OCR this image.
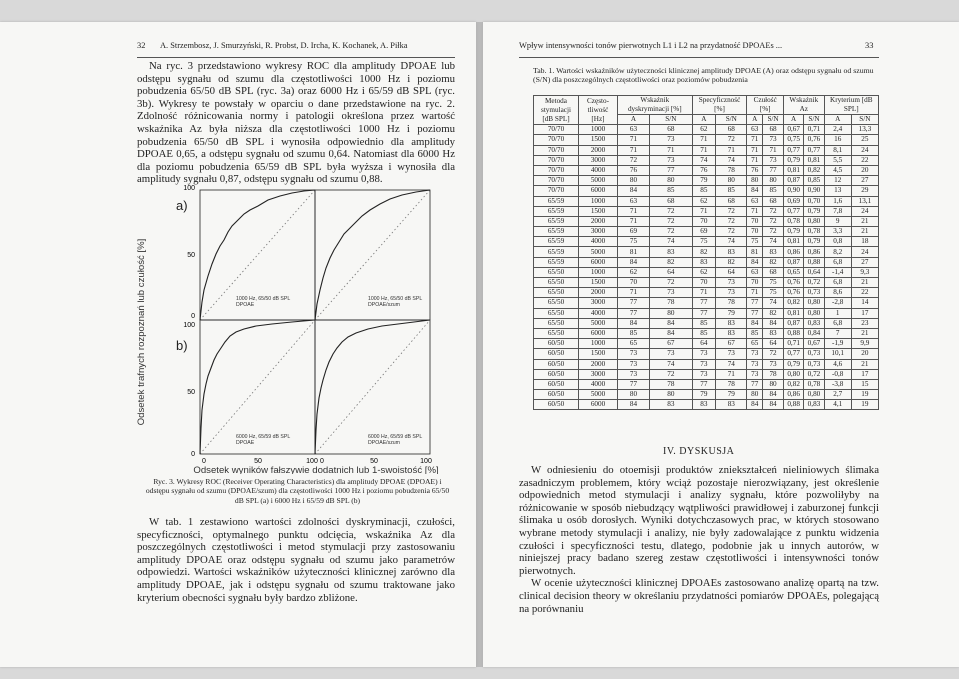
32 A. Strzembosz, J. Smurzyński, R. Probst, D. Ircha, K. Kochanek, A. Piłka

Na ryc. 3 przedstawiono wykresy ROC dla amplitudy DPOAE lub odstępu sygnału od szumu dla częstotliwości 1000 Hz i poziomu pobudzenia 65/50 dB SPL (ryc. 3a) oraz 6000 Hz i 65/59 dB SPL (ryc. 3b). Wykresy te powstały w oparciu o dane przedstawione na ryc. 2. Zdolność różnicowania normy i patologii określona przez wartość wskaźnika Az była niższa dla częstotliwości 1000 Hz i poziomu pobudzenia 65/50 dB SPL i wynosiła odpowiednio dla amplitudy DPOAE 0,65, a odstępu sygnału od szumu 0,64. Natomiast dla 6000 Hz dla poziomu pobudzenia 65/59 dB SPL była wyższa i wynosiła dla amplitudy sygnału 0,87, odstępu sygnału od szumu 0,88.

Odsetek trafnych rozpoznań lub czułość [%]
a)
b)
100
50
0
100
50
0
1000 Hz, 65/50 dB SPL
DPOAE
1000 Hz, 65/50 dB SPL
DPOAE/szum
6000 Hz, 65/59 dB SPL
DPOAE
6000 Hz, 65/59 dB SPL
DPOAE/szum
0	50	100 0	50	100
Odsetek wyników fałszywie dodatnich lub 1-swoistość [%]
Ryc. 3. Wykresy ROC (Receiver Operating Characteristics) dla amplitudy DPOAE (DPOAE) i odstępu sygnału od szumu (DPOAE/szum) dla częstotliwości 1000 Hz i poziomu pobudzenia 65/50 dB SPL (a) i 6000 Hz i 65/59 dB SPL (b)

W tab. 1 zestawiono wartości zdolności dyskryminacji, czułości, specyficzności, optymalnego punktu odcięcia, wskaźnika Az dla poszczególnych częstotliwości i metod stymulacji przy zastosowaniu amplitudy DPOAE oraz odstępu sygnału od szumu jako parametrów odpowiedzi. Wartości wskaźników użyteczności klinicznej zarówno dla amplitudy DPOAE, jak i odstępu sygnału od szumu traktowane jako kryterium obecności sygnału były bardzo zbliżone.

Wpływ intensywności tonów pierwotnych L1 i L2 na przydatność DPOAEs ...	33
Tab. 1. Wartości wskaźników użyteczności klinicznej amplitudy DPOAE (A) oraz odstępu sygnału od szumu (S/N) dla poszczególnych częstotliwości oraz poziomów pobudzenia
Metoda stymulacji [dB SPL]	Często-tliwość [Hz]	Wskaźnik dyskryminacji [%]		Specyficzność [%]		Czułość [%]		Wskaźnik Az		Kryterium [dB SPL]	
		A	S/N	A	S/N	A	S/N	A	S/N	A	S/N
70/70	1000	63	68	62	68	63	68	0,67	0,71	2,4	13,3
70/70	1500	71	73	71	72	71	73	0,75	0,76	16	25
70/70	2000	71	71	71	71	71	71	0,77	0,77	8,1	24
70/70	3000	72	73	74	74	71	73	0,79	0,81	5,5	22
70/70	4000	76	77	76	78	76	77	0,81	0,82	4,5	20
70/70	5000	80	80	79	80	80	80	0,87	0,85	12	27
70/70	6000	84	85	85	85	84	85	0,90	0,90	13	29
65/59	1000	63	68	62	68	63	68	0,69	0,70	1,6	13,1
65/59	1500	71	72	71	72	71	72	0,77	0,79	7,8	24
65/59	2000	71	72	70	72	70	72	0,78	0,80	9	21
65/59	3000	69	72	69	72	70	72	0,79	0,78	3,3	21
65/59	4000	75	74	75	74	75	74	0,81	0,79	0,8	18
65/59	5000	81	83	82	83	81	83	0,86	0,86	8,2	24
65/59	6000	84	82	83	82	84	82	0,87	0,88	6,8	27
65/50	1000	62	64	62	64	63	68	0,65	0,64	-1,4	9,3
65/50	1500	70	72	70	73	70	75	0,76	0,72	6,8	21
65/50	2000	71	73	71	73	71	75	0,76	0,73	8,6	22
65/50	3000	77	78	77	78	77	74	0,82	0,80	-2,8	14
65/50	4000	77	80	77	79	77	82	0,81	0,80	1	17
65/50	5000	84	84	85	83	84	84	0,87	0,83	6,8	23
65/50	6000	85	84	85	83	85	83	0,88	0,84	7	21
60/50	1000	65	67	64	67	65	64	0,71	0,67	-1,9	9,9
60/50	1500	73	73	73	73	73	72	0,77	0,73	10,1	20
60/50	2000	73	74	73	74	73	73	0,79	0,73	4,6	21
60/50	3000	73	72	73	71	73	78	0,80	0,72	-0,8	17
60/50	4000	77	78	77	78	77	80	0,82	0,78	-3,8	15
60/50	5000	80	80	79	79	80	84	0,86	0,80	2,7	19
60/50	6000	84	83	83	83	84	84	0,88	0,83	4,1	19
IV. DYSKUSJA

W odniesieniu do otoemisji produktów zniekształceń nieliniowych ślimaka zasadniczym problemem, który wciąż pozostaje nierozwiązany, jest określenie odpowiednich metod stymulacji i analizy sygnału, które pozwoliłyby na różnicowanie w sposób niebudzący wątpliwości prawidłowej i zaburzonej funkcji ślimaka u osób dorosłych. Wyniki dotychczasowych prac, w których stosowano wybrane metody stymulacji i analizy, nie były zadowalające z punktu widzenia czułości i specyficzności testu, dlatego, podobnie jak u innych autorów, w niniejszej pracy badano szereg zestaw częstotliwości i intensywności tonów pierwotnych.

W ocenie użyteczności klinicznej DPOAEs zastosowano analizę opartą na tzw. clinical decision theory w określaniu przydatności pomiarów DPOAEs, polegającą na porównaniu
